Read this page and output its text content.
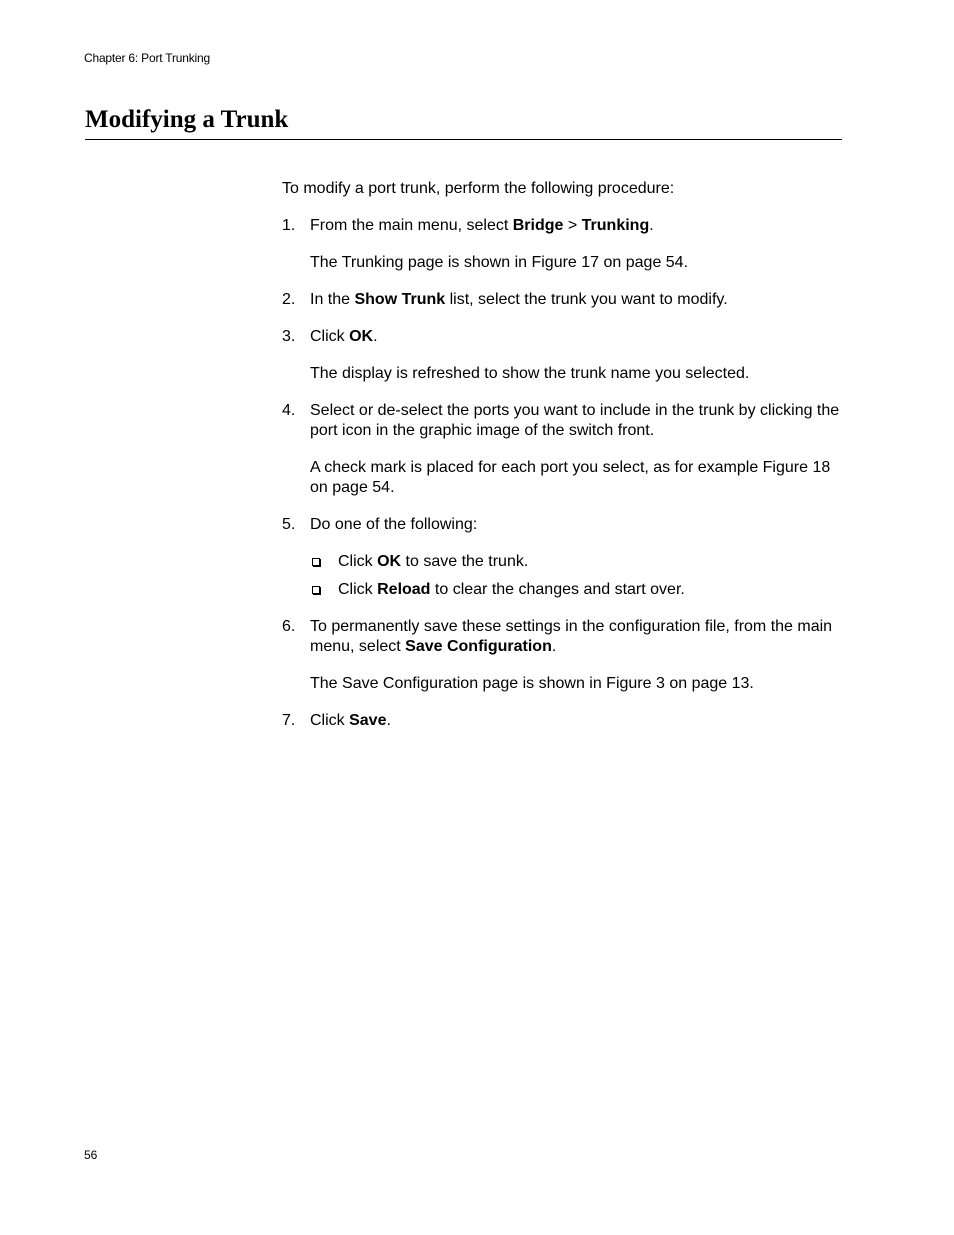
Chapter 6: Port Trunking
Modifying a Trunk

To modify a port trunk, perform the following procedure:

1. From the main menu, select Bridge > Trunking.

The Trunking page is shown in Figure 17 on page 54.

2. In the Show Trunk list, select the trunk you want to modify.

3. Click OK.

The display is refreshed to show the trunk name you selected.

4. Select or de-select the ports you want to include in the trunk by clicking the port icon in the graphic image of the switch front.

A check mark is placed for each port you select, as for example Figure 18 on page 54.

5. Do one of the following:

Click OK to save the trunk.
Click Reload to clear the changes and start over.
6. To permanently save these settings in the configuration file, from the main menu, select Save Configuration.

The Save Configuration page is shown in Figure 3 on page 13.

7. Click Save.

56
